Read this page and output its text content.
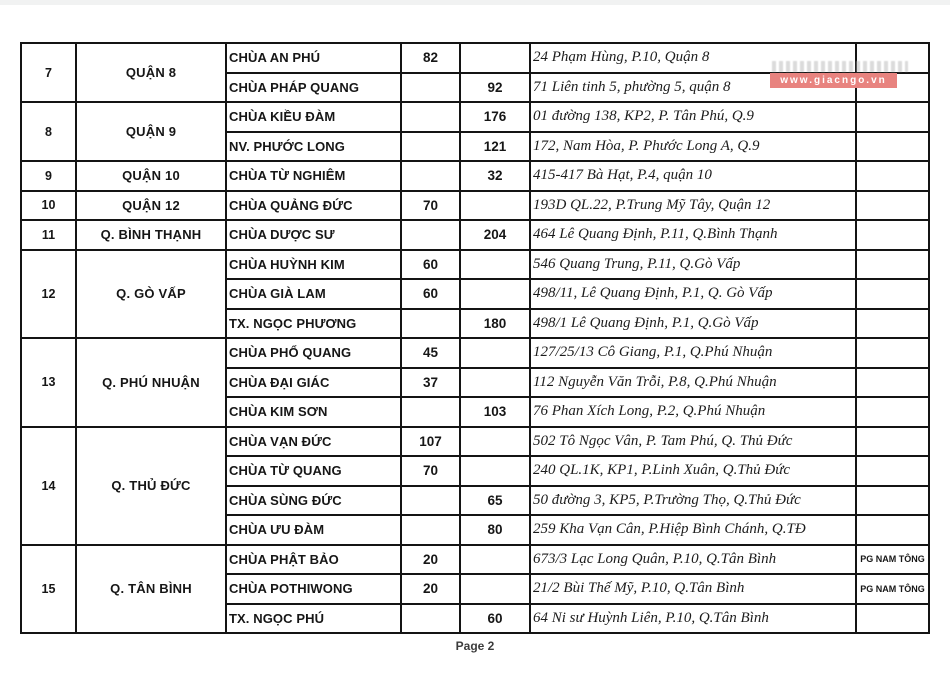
7	QUẬN 8	CHÙA AN PHÚ	82		24 Phạm Hùng, P.10, Quận 8	
		CHÙA PHÁP QUANG		92	71 Liên tinh 5, phường 5, quận 8	
8	QUẬN 9	CHÙA KIỀU ĐÀM		176	01 đường 138, KP2, P. Tân Phú, Q.9	
		NV. PHƯỚC LONG		121	172, Nam Hòa, P. Phước Long A, Q.9	
9	QUẬN 10	CHÙA TỪ NGHIÊM		32	415-417 Bà Hạt, P.4, quận 10	
10	QUẬN 12	CHÙA QUẢNG ĐỨC	70		193D QL.22, P.Trung Mỹ Tây, Quận 12	
11	Q. BÌNH THẠNH	CHÙA DƯỢC SƯ		204	464 Lê Quang Định, P.11, Q.Bình Thạnh	
12	Q. GÒ VẤP	CHÙA HUỲNH KIM	60		546 Quang Trung, P.11, Q.Gò Vấp	
		CHÙA GIÀ LAM	60		498/11, Lê Quang Định, P.1, Q. Gò Vấp	
		TX. NGỌC PHƯƠNG		180	498/1 Lê Quang Định, P.1, Q.Gò Vấp	
13	Q. PHÚ NHUẬN	CHÙA PHỔ QUANG	45		127/25/13 Cô Giang, P.1, Q.Phú Nhuận	
		CHÙA ĐẠI GIÁC	37		112 Nguyễn Văn Trỗi, P.8, Q.Phú Nhuận	
		CHÙA KIM SƠN		103	76 Phan Xích Long, P.2, Q.Phú Nhuận	
14	Q. THỦ ĐỨC	CHÙA VẠN ĐỨC	107		502 Tô Ngọc Vân, P. Tam Phú, Q. Thủ Đức	
		CHÙA TỪ QUANG	70		240 QL.1K, KP1, P.Linh Xuân, Q.Thủ Đức	
		CHÙA SÙNG ĐỨC		65	50 đường 3, KP5, P.Trường Thọ, Q.Thủ Đức	
		CHÙA ƯU ĐÀM		80	259 Kha Vạn Cân, P.Hiệp Bình Chánh, Q.TĐ	
15	Q. TÂN BÌNH	CHÙA PHẬT BẢO	20		673/3 Lạc Long Quân, P.10, Q.Tân Bình	PG NAM TÔNG
		CHÙA POTHIWONG	20		21/2 Bùi Thế Mỹ, P.10, Q.Tân Bình	PG NAM TÔNG
		TX. NGỌC PHÚ		60	64 Ni sư Huỳnh Liên, P.10, Q.Tân Bình	
www.giacngo.vn
Page 2
